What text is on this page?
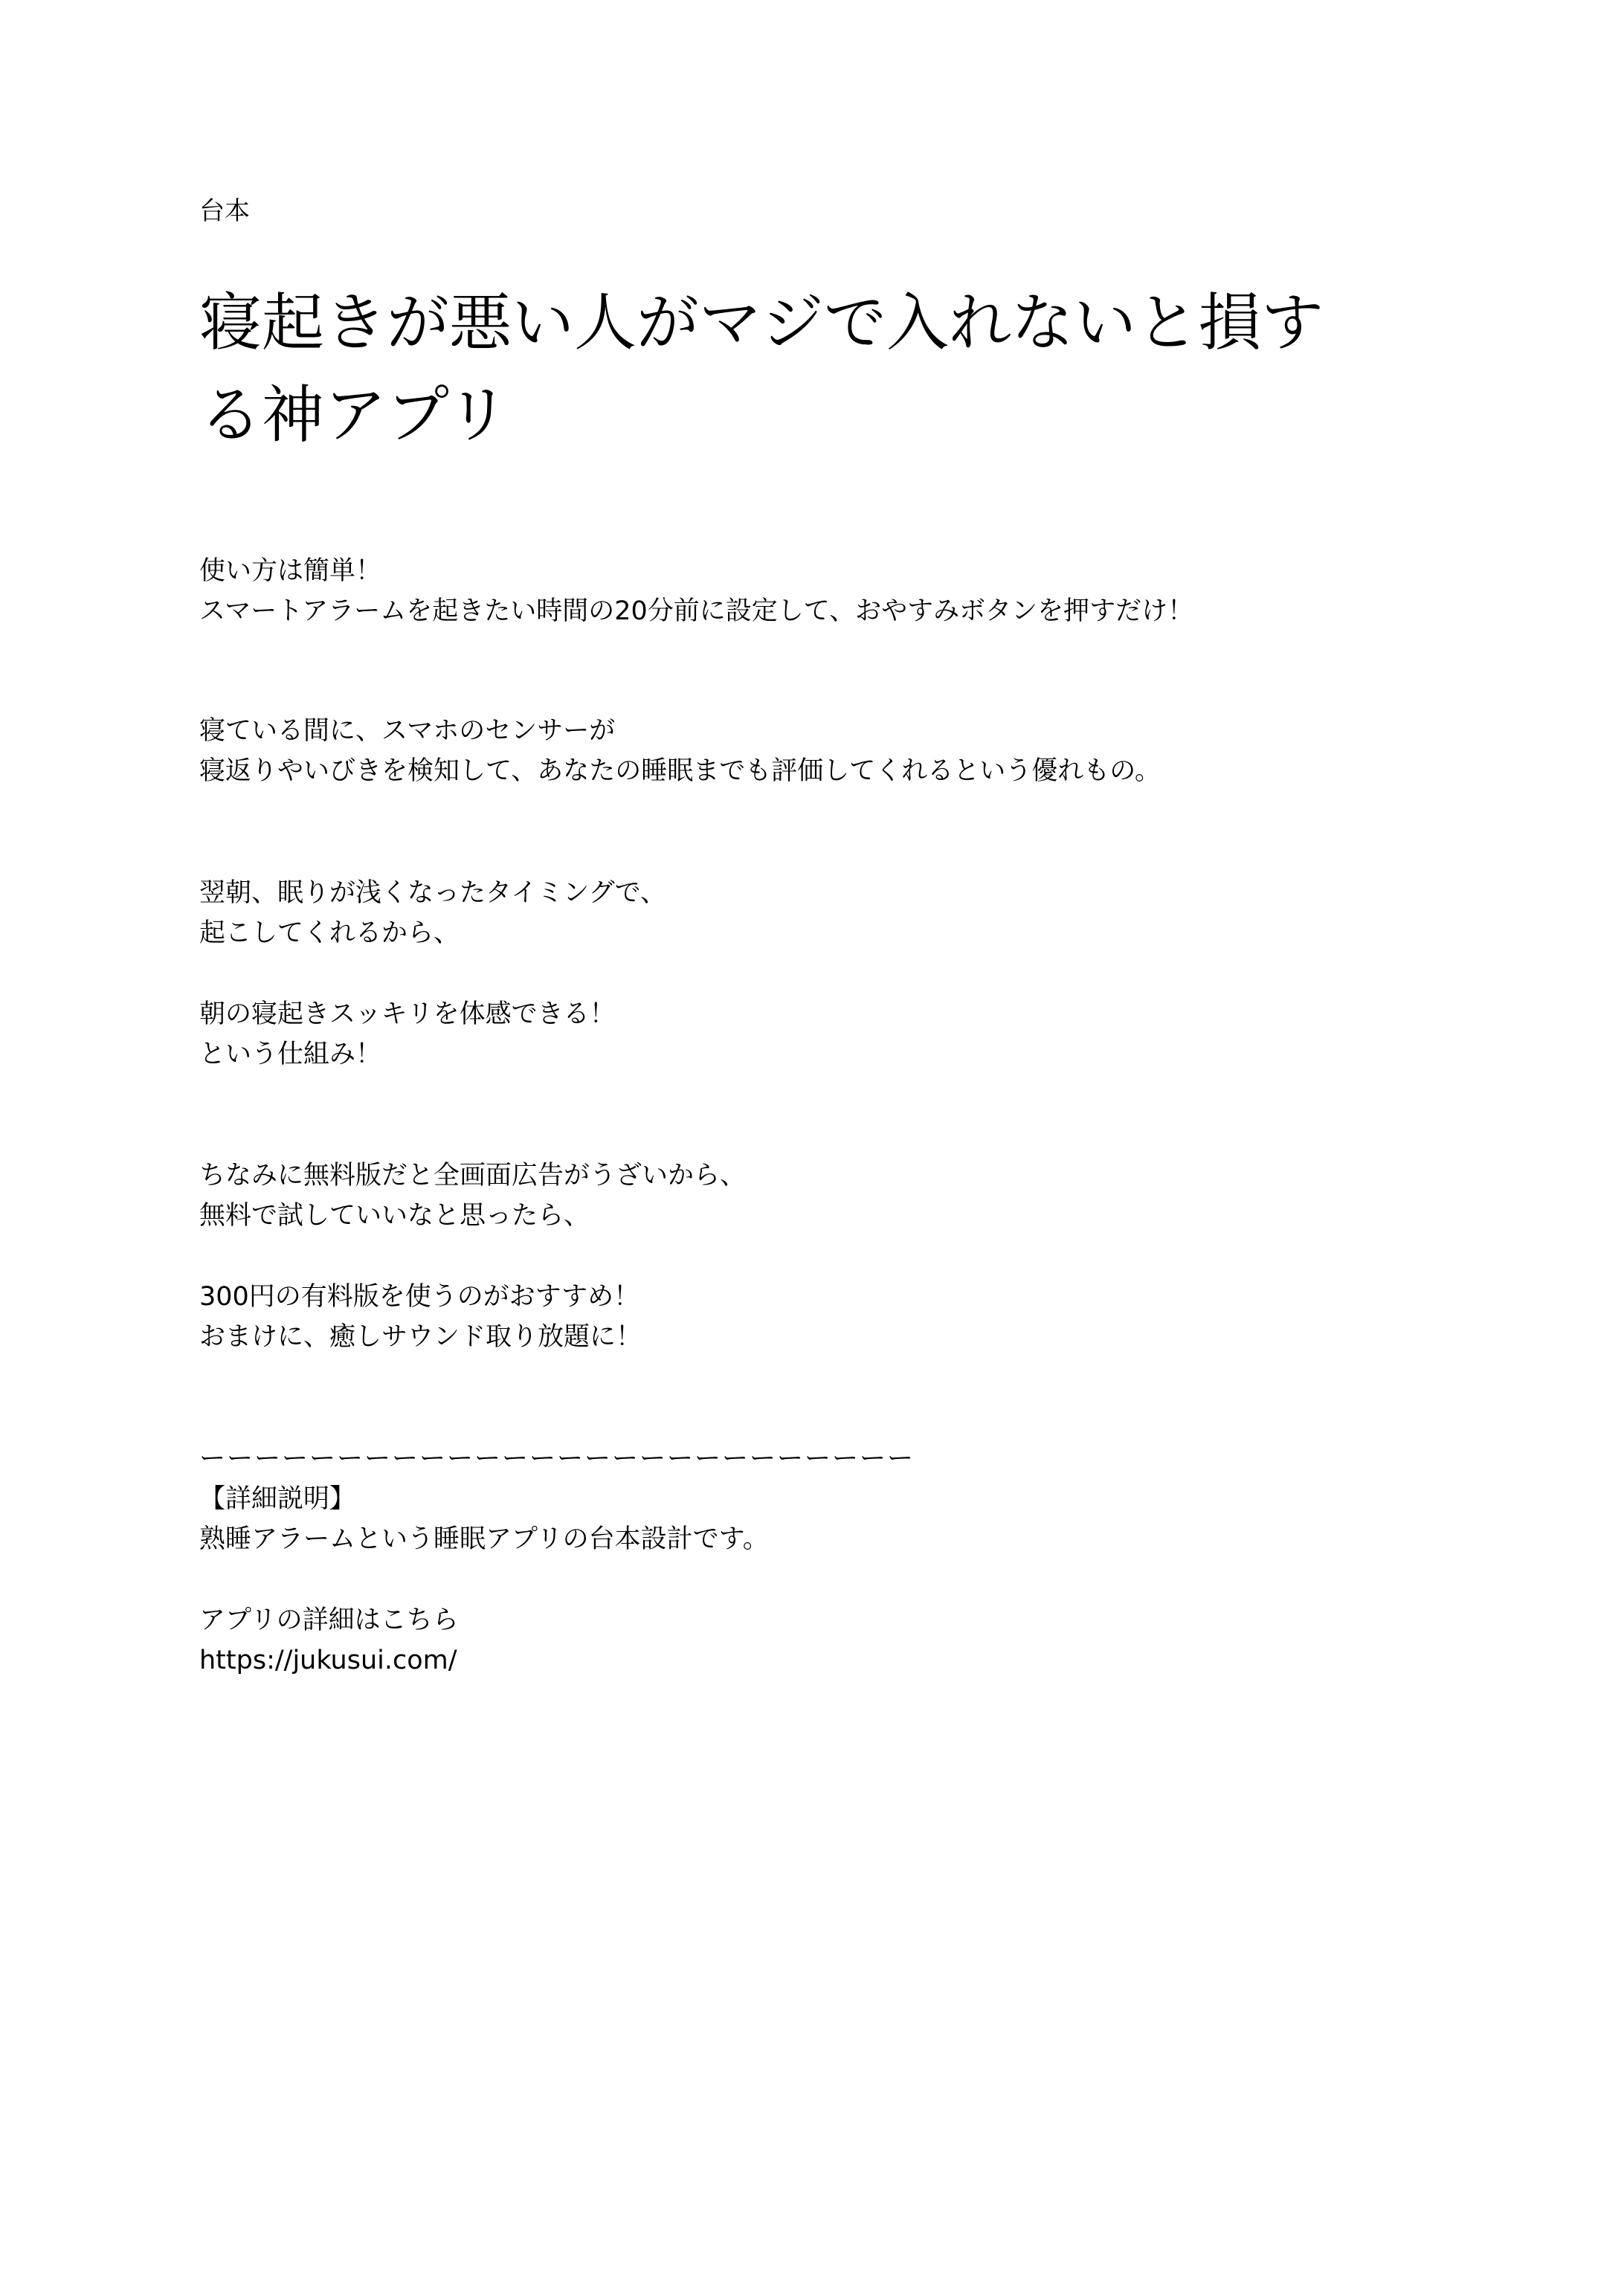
台本
寝起きが悪い人がマジで入れないと損す
る神アプリ
使い方は簡単！
スマートアラームを起きたい時間の20分前に設定して、おやすみボタンを押すだけ！
寝ている間に、スマホのセンサーが
寝返りやいびきを検知して、あなたの睡眠までも評価してくれるという優れもの。
翌朝、眠りが浅くなったタイミングで、
起こしてくれるから、
朝の寝起きスッキリを体感できる！
という仕組み！
ちなみに無料版だと全画面広告がうざいから、
無料で試していいなと思ったら、
300円の有料版を使うのがおすすめ！
おまけに、癒しサウンド取り放題に！
ーーーーーーーーーーーーーーーーーーーーーーーーーー
【詳細説明】
熟睡アラームという睡眠アプリの台本設計です。
アプリの詳細はこちら
https://jukusui.com/
